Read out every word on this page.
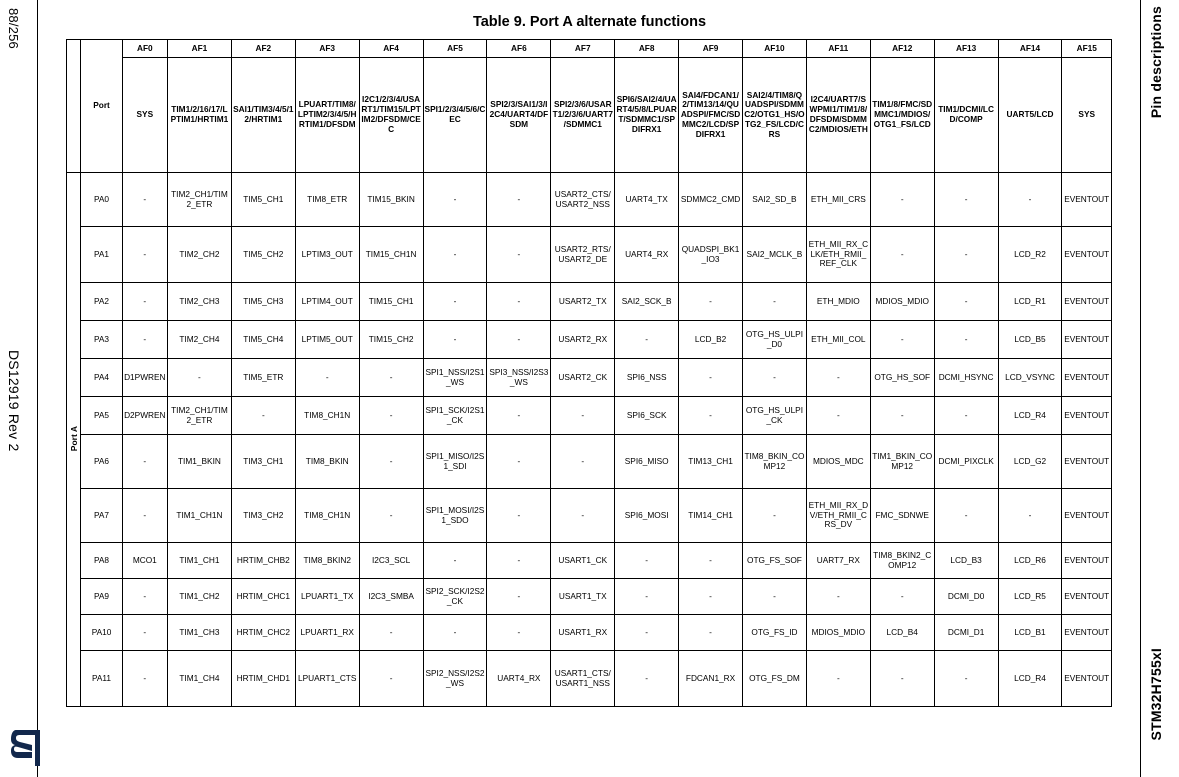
88/256
DS12919 Rev 2
Pin descriptions
STM32H755xI
Table 9. Port A alternate functions
	Port	AF0	AF1	AF2	AF3	AF4	AF5	AF6	AF7	AF8	AF9	AF10	AF11	AF12	AF13	AF14	AF15
		SYS	TIM1/2/16/17/LPTIM1/HRTIM1	SAI1/TIM3/4/5/12/HRTIM1	LPUART/TIM8/LPTIM2/3/4/5/HRTIM1/DFSDM	I2C1/2/3/4/USART1/TIM15/LPTIM2/DFSDM/CEC	SPI1/2/3/4/5/6/CEC	SPI2/3/SAI1/3/I2C4/UART4/DFSDM	SPI2/3/6/USART1/2/3/6/UART7/SDMMC1	SPI6/SAI2/4/UART4/5/8/LPUART/SDMMC1/SPDIFRX1	SAI4/FDCAN1/2/TIM13/14/QUADSPI/FMC/SDMMC2/LCD/SPDIFRX1	SAI2/4/TIM8/QUADSPI/SDMMC2/OTG1_HS/OTG2_FS/LCD/CRS	I2C4/UART7/SWPMI1/TIM1/8/DFSDM/SDMMC2/MDIOS/ETH	TIM1/8/FMC/SDMMC1/MDIOS/OTG1_FS/LCD	TIM1/DCMI/LCD/COMP	UART5/LCD	SYS
Port A	PA0	-	TIM2_CH1/TIM2_ETR	TIM5_CH1	TIM8_ETR	TIM15_BKIN	-	-	USART2_CTS/USART2_NSS	UART4_TX	SDMMC2_CMD	SAI2_SD_B	ETH_MII_CRS	-	-	-	EVENTOUT
	PA1	-	TIM2_CH2	TIM5_CH2	LPTIM3_OUT	TIM15_CH1N	-	-	USART2_RTS/USART2_DE	UART4_RX	QUADSPI_BK1_IO3	SAI2_MCLK_B	ETH_MII_RX_CLK/ETH_RMII_REF_CLK	-	-	LCD_R2	EVENTOUT
	PA2	-	TIM2_CH3	TIM5_CH3	LPTIM4_OUT	TIM15_CH1	-	-	USART2_TX	SAI2_SCK_B	-	-	ETH_MDIO	MDIOS_MDIO	-	LCD_R1	EVENTOUT
	PA3	-	TIM2_CH4	TIM5_CH4	LPTIM5_OUT	TIM15_CH2	-	-	USART2_RX	-	LCD_B2	OTG_HS_ULPI_D0	ETH_MII_COL	-	-	LCD_B5	EVENTOUT
	PA4	D1PWREN	-	TIM5_ETR	-	-	SPI1_NSS/I2S1_WS	SPI3_NSS/I2S3_WS	USART2_CK	SPI6_NSS	-	-	-	OTG_HS_SOF	DCMI_HSYNC	LCD_VSYNC	EVENTOUT
	PA5	D2PWREN	TIM2_CH1/TIM2_ETR	-	TIM8_CH1N	-	SPI1_SCK/I2S1_CK	-	-	SPI6_SCK	-	OTG_HS_ULPI_CK	-	-	-	LCD_R4	EVENTOUT
	PA6	-	TIM1_BKIN	TIM3_CH1	TIM8_BKIN	-	SPI1_MISO/I2S1_SDI	-	-	SPI6_MISO	TIM13_CH1	TIM8_BKIN_COMP12	MDIOS_MDC	TIM1_BKIN_COMP12	DCMI_PIXCLK	LCD_G2	EVENTOUT
	PA7	-	TIM1_CH1N	TIM3_CH2	TIM8_CH1N	-	SPI1_MOSI/I2S1_SDO	-	-	SPI6_MOSI	TIM14_CH1	-	ETH_MII_RX_DV/ETH_RMII_CRS_DV	FMC_SDNWE	-	-	EVENTOUT
	PA8	MCO1	TIM1_CH1	HRTIM_CHB2	TIM8_BKIN2	I2C3_SCL	-	-	USART1_CK	-	-	OTG_FS_SOF	UART7_RX	TIM8_BKIN2_COMP12	LCD_B3	LCD_R6	EVENTOUT
	PA9	-	TIM1_CH2	HRTIM_CHC1	LPUART1_TX	I2C3_SMBA	SPI2_SCK/I2S2_CK	-	USART1_TX	-	-	-	-	-	DCMI_D0	LCD_R5	EVENTOUT
	PA10	-	TIM1_CH3	HRTIM_CHC2	LPUART1_RX	-	-	-	USART1_RX	-	-	OTG_FS_ID	MDIOS_MDIO	LCD_B4	DCMI_D1	LCD_B1	EVENTOUT
	PA11	-	TIM1_CH4	HRTIM_CHD1	LPUART1_CTS	-	SPI2_NSS/I2S2_WS	UART4_RX	USART1_CTS/USART1_NSS	-	FDCAN1_RX	OTG_FS_DM	-	-	-	LCD_R4	EVENTOUT
